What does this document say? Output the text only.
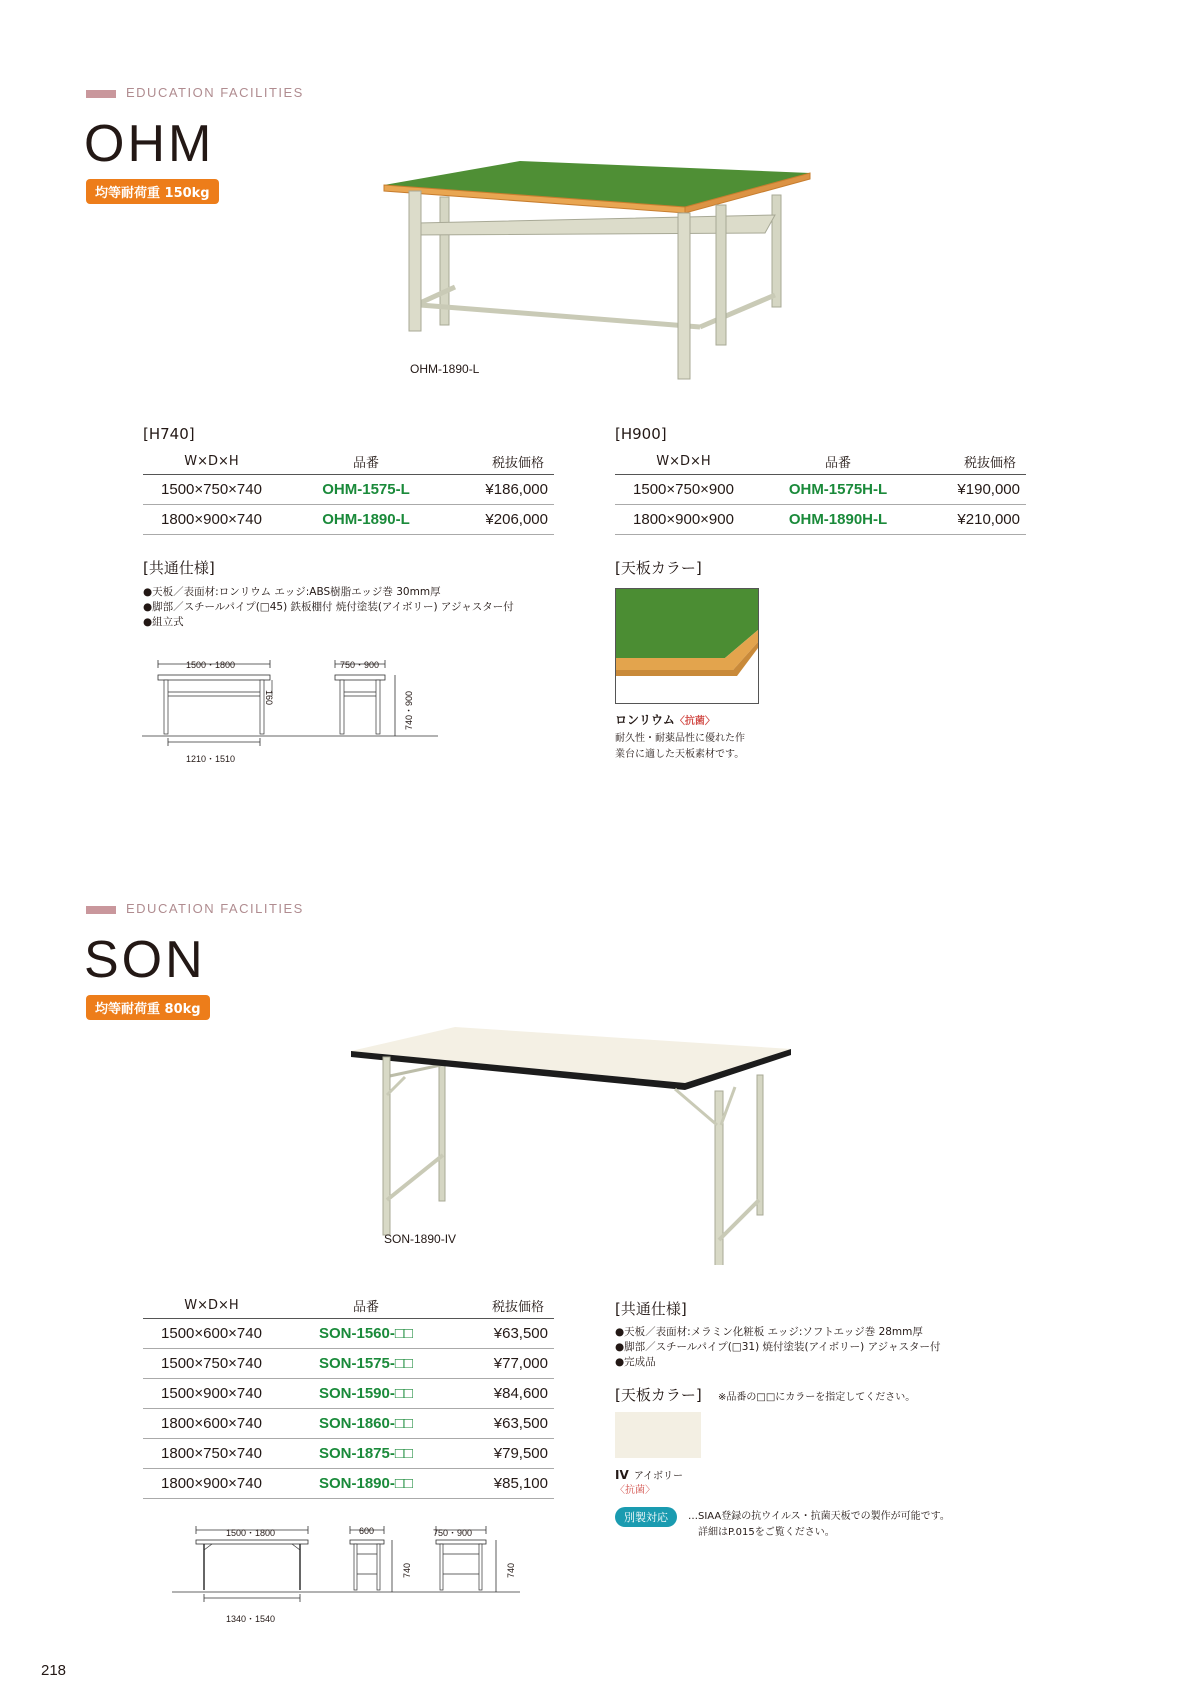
EDUCATION FACILITIES
OHM
均等耐荷重 150kg
OHM-1890-L
[H740]
W×D×H	品番	税抜価格
1500×750×740	OHM-1575-L	¥186,000
1800×900×740	OHM-1890-L	¥206,000
[H900]
W×D×H	品番	税抜価格
1500×750×900	OHM-1575H-L	¥190,000
1800×900×900	OHM-1890H-L	¥210,000
[共通仕様]
●天板／表面材:ロンリウム エッジ:ABS樹脂エッジ巻 30mm厚
●脚部／スチールパイプ(□45) 鉄板棚付 焼付塗装(アイボリー) アジャスター付
●組立式
1500・1800
1210・1510
160
750・900
740・900
[天板カラー]
ロンリウム〈抗菌〉
耐久性・耐薬品性に優れた作
業台に適した天板素材です。
EDUCATION FACILITIES
SON
均等耐荷重 80kg
SON-1890-IV
W×D×H	品番	税抜価格
1500×600×740	SON-1560-□□	¥63,500
1500×750×740	SON-1575-□□	¥77,000
1500×900×740	SON-1590-□□	¥84,600
1800×600×740	SON-1860-□□	¥63,500
1800×750×740	SON-1875-□□	¥79,500
1800×900×740	SON-1890-□□	¥85,100
1500・1800
1340・1540
600
740
750・900
740
[共通仕様]
●天板／表面材:メラミン化粧板 エッジ:ソフトエッジ巻 28mm厚
●脚部／スチールパイプ(□31) 焼付塗装(アイボリー) アジャスター付
●完成品
[天板カラー] ※品番の□□にカラーを指定してください。
IV アイボリー
〈抗菌〉
別製対応	…SIAA登録の抗ウイルス・抗菌天板での製作が可能です。
詳細はP.015をご覧ください。
218
